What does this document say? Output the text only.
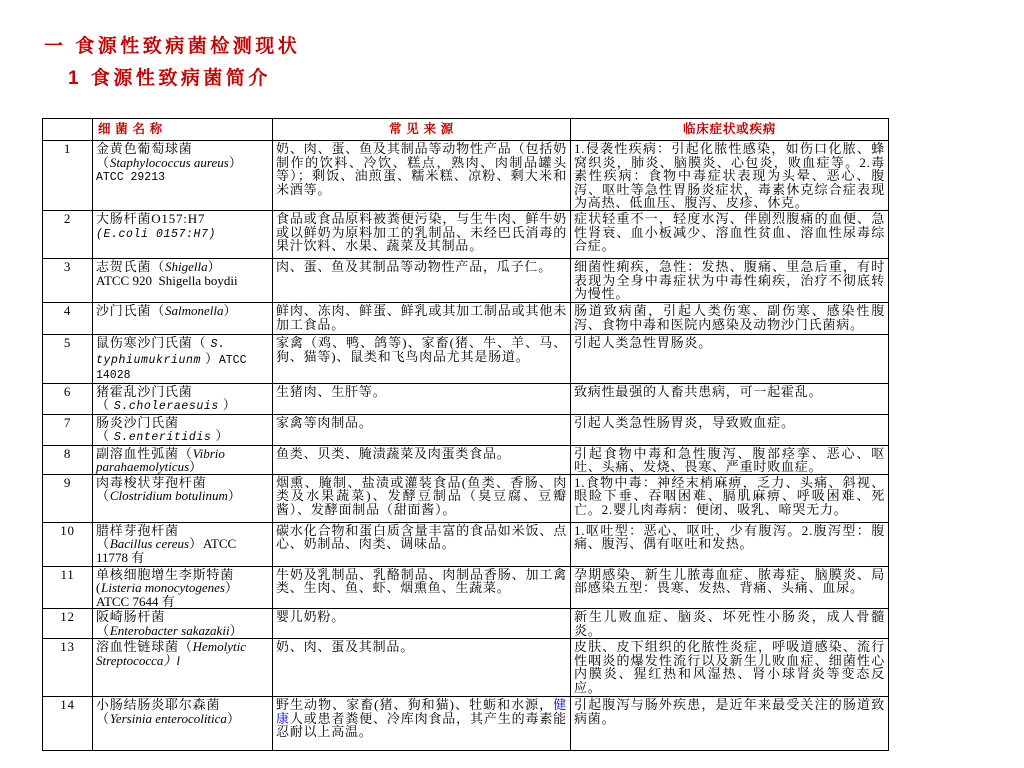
一 食源性致病菌检测现状
1 食源性致病菌简介
	细 菌 名 称	常 见 来 源	临床症状或疾病
1	金黄色葡萄球菌
（Staphylococcus aureus）
ATCC 29213	奶、肉、蛋、鱼及其制品等动物性产品（包括奶制作的饮料、冷饮、糕点，熟肉、肉制品罐头等）；剩饭、油煎蛋、糯米糕、凉粉、剩大米和米酒等。	1.侵袭性疾病：引起化脓性感染，如伤口化脓、蜂窝织炎，肺炎、脑膜炎、心包炎，败血症等。2.毒素性疾病：食物中毒症状表现为头晕、恶心、腹泻、呕吐等急性胃肠炎症状，毒素休克综合症表现为高热、低血压、腹泻、皮疹、休克。
2	大肠杆菌O157:H7
(E.coli 0157:H7)	食品或食品原料被粪便污染，与生牛肉、鲜牛奶或以鲜奶为原料加工的乳制品、未经巴氏消毒的果汁饮料、水果、蔬菜及其制品。	症状轻重不一，轻度水泻、伴剧烈腹痛的血便、急性肾衰、血小板减少、溶血性贫血、溶血性尿毒综合症。
3	志贺氏菌（Shigella）
ATCC 920  Shigella boydii	肉、蛋、鱼及其制品等动物性产品，瓜子仁。	细菌性痢疾，急性：发热、腹痛、里急后重，有时表现为全身中毒症状为中毒性痢疾，治疗不彻底转为慢性。
4	沙门氏菌（Salmonella）	鲜肉、冻肉、鲜蛋、鲜乳或其加工制品或其他未加工食品。	肠道致病菌，引起人类伤寒、副伤寒、感染性腹泻、食物中毒和医院内感染及动物沙门氏菌病。
5	鼠伤寒沙门氏菌（ S. typhiumukriunm ）ATCC 14028	家禽（鸡、鸭、鸽等)、家畜(猪、牛、羊、马、狗、猫等)、鼠类和飞鸟肉品尤其是肠道。	引起人类急性胃肠炎。
6	猪霍乱沙门氏菌
（ S.choleraesuis ）	生猪肉、生肝等。	致病性最强的人畜共患病，可一起霍乱。
7	肠炎沙门氏菌
（ S.enteritidis ）	家禽等肉制品。	引起人类急性肠胃炎，导致败血症。
8	副溶血性弧菌（Vibrio parahaemolyticus）	鱼类、贝类、腌渍蔬菜及肉蛋类食品。	引起食物中毒和急性腹泻、腹部痉挛、恶心、呕吐、头痛、发烧、畏寒、严重时败血症。
9	肉毒梭状芽孢杆菌
（Clostridium botulinum）	烟熏、腌制、盐渍或灌装食品(鱼类、香肠、肉类及水果蔬菜)、发酵豆制品（臭豆腐、豆瓣酱）、发酵面制品（甜面酱）。	1.食物中毒：神经末梢麻痹，乏力、头痛、斜视、眼睑下垂、吞咽困难、膈肌麻痹、呼吸困难、死亡。2.婴儿肉毒病：便闭、吸乳、啼哭无力。
10	腊样芽孢杆菌
（Bacillus cereus）ATCC 11778 有	碳水化合物和蛋白质含量丰富的食品如米饭、点心、奶制品、肉类、调味品。	1.呕吐型：恶心、呕吐、少有腹泻。2.腹泻型：腹痛、腹泻、偶有呕吐和发热。
11	单核细胞增生李斯特菌
(Listeria monocytogenes）
ATCC 7644 有	牛奶及乳制品、乳酪制品、肉制品香肠、加工禽类、生肉、鱼、虾、烟熏鱼、生蔬菜。	孕期感染、新生儿脓毒血症、脓毒症、脑膜炎、局部感染五型：畏寒、发热、背痛、头痛、血尿。
12	阪崎肠杆菌
（Enterobacter sakazakii）	婴儿奶粉。	新生儿败血症、脑炎、坏死性小肠炎，成人骨髓炎。
13	溶血性链球菌（Hemolytic Streptococca）l	奶、肉、蛋及其制品。	皮肤、皮下组织的化脓性炎症，呼吸道感染、流行性咽炎的爆发性流行以及新生儿败血症、细菌性心内膜炎、猩红热和风湿热、肾小球肾炎等变态反应。
14	小肠结肠炎耶尔森菌
（Yersinia enterocolitica）	野生动物、家畜(猪、狗和猫)、牡蛎和水源，健康人或患者粪便、冷库肉食品，其产生的毒素能忍耐以上高温。	引起腹泻与肠外疾患，是近年来最受关注的肠道致病菌。
